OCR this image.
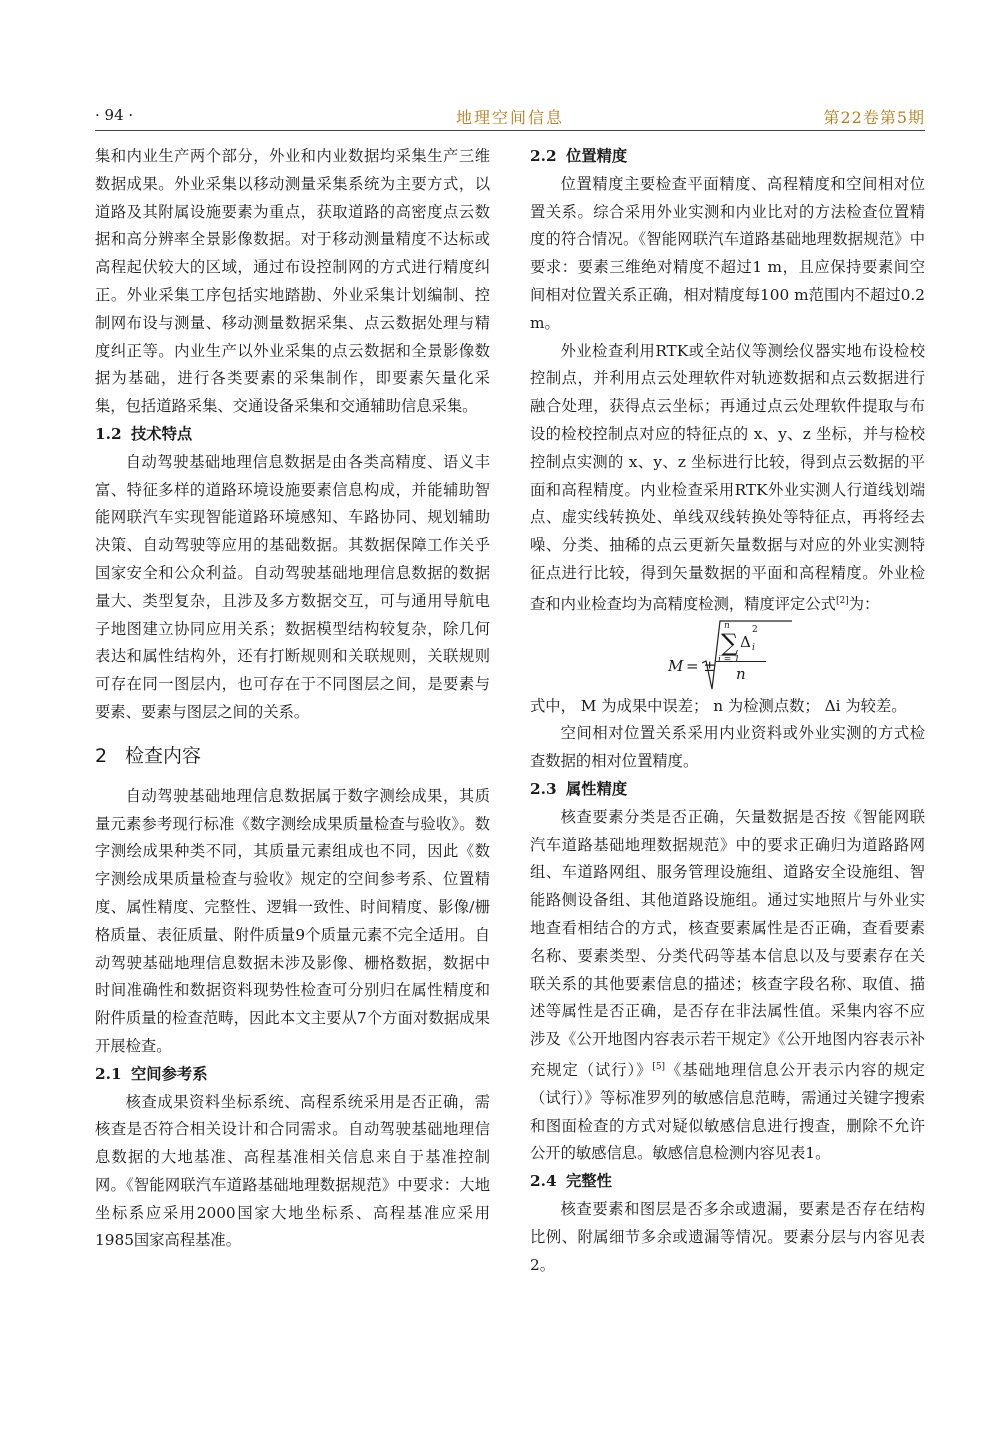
· 94 ·	地理空间信息	第22卷第5期

集和内业生产两个部分，外业和内业数据均采集生产三维数据成果。外业采集以移动测量采集系统为主要方式，以道路及其附属设施要素为重点，获取道路的高密度点云数据和高分辨率全景影像数据。对于移动测量精度不达标或高程起伏较大的区域，通过布设控制网的方式进行精度纠正。外业采集工序包括实地踏勘、外业采集计划编制、控制网布设与测量、移动测量数据采集、点云数据处理与精度纠正等。内业生产以外业采集的点云数据和全景影像数据为基础，进行各类要素的采集制作，即要素矢量化采集，包括道路采集、交通设备采集和交通辅助信息采集。

1.2 技术特点

自动驾驶基础地理信息数据是由各类高精度、语义丰富、特征多样的道路环境设施要素信息构成，并能辅助智能网联汽车实现智能道路环境感知、车路协同、规划辅助决策、自动驾驶等应用的基础数据。其数据保障工作关乎国家安全和公众利益。自动驾驶基础地理信息数据的数据量大、类型复杂，且涉及多方数据交互，可与通用导航电子地图建立协同应用关系；数据模型结构较复杂，除几何表达和属性结构外，还有打断规则和关联规则，关联规则可存在同一图层内，也可存在于不同图层之间，是要素与要素、要素与图层之间的关系。

2 检查内容

自动驾驶基础地理信息数据属于数字测绘成果，其质量元素参考现行标准《数字测绘成果质量检查与验收》。数字测绘成果种类不同，其质量元素组成也不同，因此《数字测绘成果质量检查与验收》规定的空间参考系、位置精度、属性精度、完整性、逻辑一致性、时间精度、影像/栅格质量、表征质量、附件质量9个质量元素不完全适用。自动驾驶基础地理信息数据未涉及影像、栅格数据，数据中时间准确性和数据资料现势性检查可分别归在属性精度和附件质量的检查范畴，因此本文主要从7个方面对数据成果开展检查。

2.1 空间参考系

核查成果资料坐标系统、高程系统采用是否正确，需核查是否符合相关设计和合同需求。自动驾驶基础地理信息数据的大地基准、高程基准相关信息来自于基准控制网。《智能网联汽车道路基础地理数据规范》中要求：大地坐标系应采用2000国家大地坐标系、高程基准应采用1985国家高程基准。

2.2 位置精度

位置精度主要检查平面精度、高程精度和空间相对位置关系。综合采用外业实测和内业比对的方法检查位置精度的符合情况。《智能网联汽车道路基础地理数据规范》中要求：要素三维绝对精度不超过1 m，且应保持要素间空间相对位置关系正确，相对精度每100 m范围内不超过0.2 m。

外业检查利用RTK或全站仪等测绘仪器实地布设检校控制点，并利用点云处理软件对轨迹数据和点云数据进行融合处理，获得点云坐标；再通过点云处理软件提取与布设的检校控制点对应的特征点的 x、y、z 坐标，并与检校控制点实测的 x、y、z 坐标进行比较，得到点云数据的平面和高程精度。内业检查采用RTK外业实测人行道线划端点、虚实线转换处、单线双线转换处等特征点，再将经去噪、分类、抽稀的点云更新矢量数据与对应的外业实测特征点进行比较，得到矢量数据的平面和高程精度。外业检查和内业检查均为高精度检测，精度评定公式[2]为：

M = ±
∑
n
i = 1
Δ
2
i
n

式中， M 为成果中误差； n 为检测点数； Δi 为较差。

空间相对位置关系采用内业资料或外业实测的方式检查数据的相对位置精度。

2.3 属性精度

核查要素分类是否正确，矢量数据是否按《智能网联汽车道路基础地理数据规范》中的要求正确归为道路路网组、车道路网组、服务管理设施组、道路安全设施组、智能路侧设备组、其他道路设施组。通过实地照片与外业实地查看相结合的方式，核查要素属性是否正确，查看要素名称、要素类型、分类代码等基本信息以及与要素存在关联关系的其他要素信息的描述；核查字段名称、取值、描述等属性是否正确，是否存在非法属性值。采集内容不应涉及《公开地图内容表示若干规定》《公开地图内容表示补充规定（试行）》[5]《基础地理信息公开表示内容的规定（试行）》等标准罗列的敏感信息范畴，需通过关键字搜索和图面检查的方式对疑似敏感信息进行搜查，删除不允许公开的敏感信息。敏感信息检测内容见表1。

2.4 完整性

核查要素和图层是否多余或遗漏，要素是否存在结构比例、附属细节多余或遗漏等情况。要素分层与内容见表2。
